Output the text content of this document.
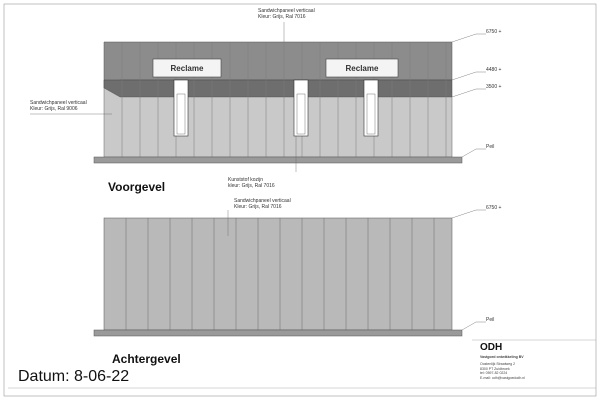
Reclame	Reclame
Sandwichpaneel verticaal
Kleur: Grijs, Ral 7016
Sandwichpaneel verticaal
Kleur: Grijs, Ral 9006
Kunststof kozijn
kleur: Grijs, Ral 7016
6750 +
4480 +
3500 +
Peil
Voorgevel
Sandwichpaneel verticaal
Kleur: Grijs, Ral 7016	6750 +
Peil
Achtergevel
Datum: 8-06-22
ODH
Vastgoed ontwikkeling BV
Oostenlijk Straatweg 2
8300 PT Zuidbroek
tel: 0597-82 0224
E-mail: odh@vastgoedodh.nl
